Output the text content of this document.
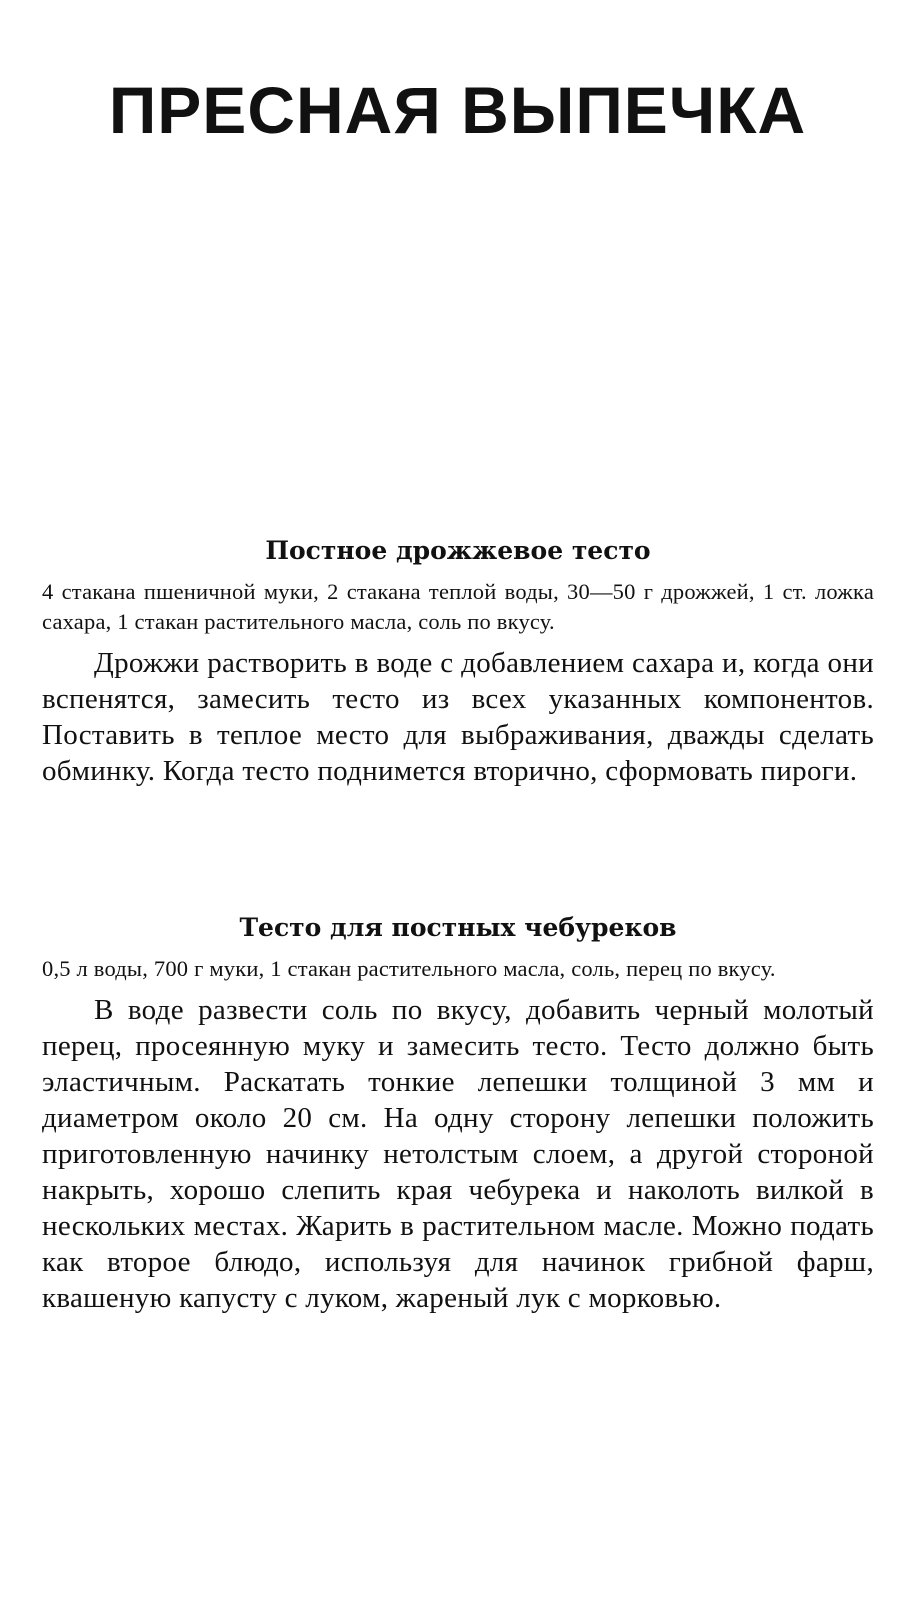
ПРЕСНАЯ ВЫПЕЧКА
Постное дрожжевое тесто

4 стакана пшеничной муки, 2 стакана теплой воды, 30—50 г дрожжей, 1 ст. ложка сахара, 1 стакан растительного масла, соль по вкусу.

Дрожжи растворить в воде с добавлением сахара и, когда они вспенятся, замесить тесто из всех указанных компонентов. Поставить в теплое место для выбраживания, дважды сделать обминку. Когда тесто поднимется вторично, сформовать пироги.

Тесто для постных чебуреков

0,5 л воды, 700 г муки, 1 стакан растительного масла, соль, перец по вкусу.

В воде развести соль по вкусу, добавить черный молотый перец, просеянную муку и замесить тесто. Тесто должно быть эластичным. Раскатать тонкие лепешки толщиной 3 мм и диаметром около 20 см. На одну сторону лепешки положить приготовленную начинку нетолстым слоем, а другой стороной накрыть, хорошо слепить края чебурека и наколоть вилкой в нескольких местах. Жарить в растительном масле. Можно подать как второе блюдо, используя для начинок грибной фарш, квашеную капусту с луком, жареный лук с морковью.
